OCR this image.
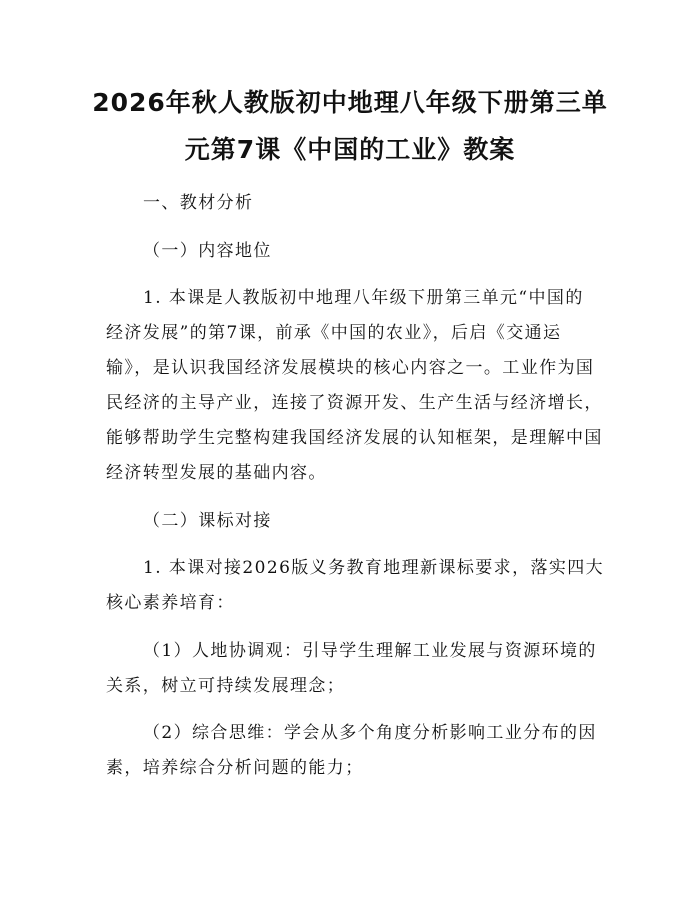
2026年秋人教版初中地理八年级下册第三单
元第7课《中国的工业》教案
一、教材分析
（一）内容地位
1. 本课是人教版初中地理八年级下册第三单元“中国的
经济发展”的第7课，前承《中国的农业》，后启《交通运
输》，是认识我国经济发展模块的核心内容之一。工业作为国
民经济的主导产业，连接了资源开发、生产生活与经济增长，
能够帮助学生完整构建我国经济发展的认知框架，是理解中国
经济转型发展的基础内容。
（二）课标对接
1. 本课对接2026版义务教育地理新课标要求，落实四大
核心素养培育：
（1）人地协调观：引导学生理解工业发展与资源环境的
关系，树立可持续发展理念；
（2）综合思维：学会从多个角度分析影响工业分布的因
素，培养综合分析问题的能力；
